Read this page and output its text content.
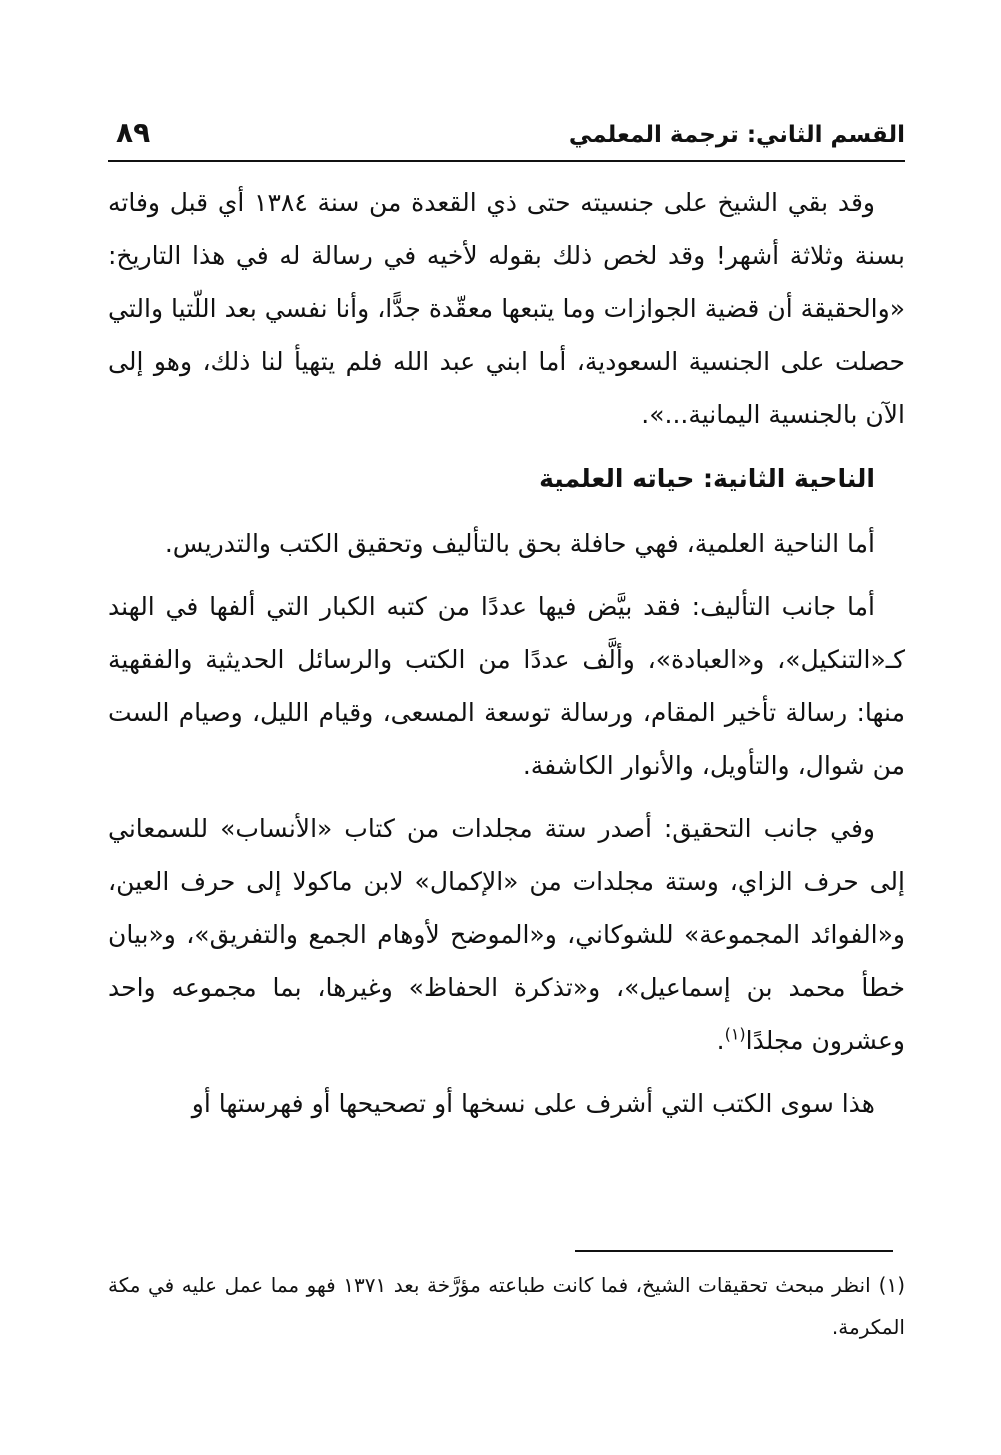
القسم الثاني: ترجمة المعلمي
٨٩

وقد بقي الشيخ على جنسيته حتى ذي القعدة من سنة ١٣٨٤ أي قبل وفاته بسنة وثلاثة أشهر! وقد لخص ذلك بقوله لأخيه في رسالة له في هذا التاريخ: «والحقيقة أن قضية الجوازات وما يتبعها معقّدة جدًّا، وأنا نفسي بعد اللّتيا والتي حصلت على الجنسية السعودية، أما ابني عبد الله فلم يتهيأ لنا ذلك، وهو إلى الآن بالجنسية اليمانية...».

الناحية الثانية: حياته العلمية

أما الناحية العلمية، فهي حافلة بحق بالتأليف وتحقيق الكتب والتدريس.

أما جانب التأليف: فقد بيَّض فيها عددًا من كتبه الكبار التي ألفها في الهند كـ«التنكيل»، و«العبادة»، وألَّف عددًا من الكتب والرسائل الحديثية والفقهية منها: رسالة تأخير المقام، ورسالة توسعة المسعى، وقيام الليل، وصيام الست من شوال، والتأويل، والأنوار الكاشفة.

وفي جانب التحقيق: أصدر ستة مجلدات من كتاب «الأنساب» للسمعاني إلى حرف الزاي، وستة مجلدات من «الإكمال» لابن ماكولا إلى حرف العين، و«الفوائد المجموعة» للشوكاني، و«الموضح لأوهام الجمع والتفريق»، و«بيان خطأ محمد بن إسماعيل»، و«تذكرة الحفاظ» وغيرها، بما مجموعه واحد وعشرون مجلدًا$^{(١)}$.

هذا سوى الكتب التي أشرف على نسخها أو تصحيحها أو فهرستها أو

(١)انظر مبحث تحقيقات الشيخ، فما كانت طباعته مؤرَّخة بعد ١٣٧١ فهو مما عمل عليه في مكة المكرمة.
